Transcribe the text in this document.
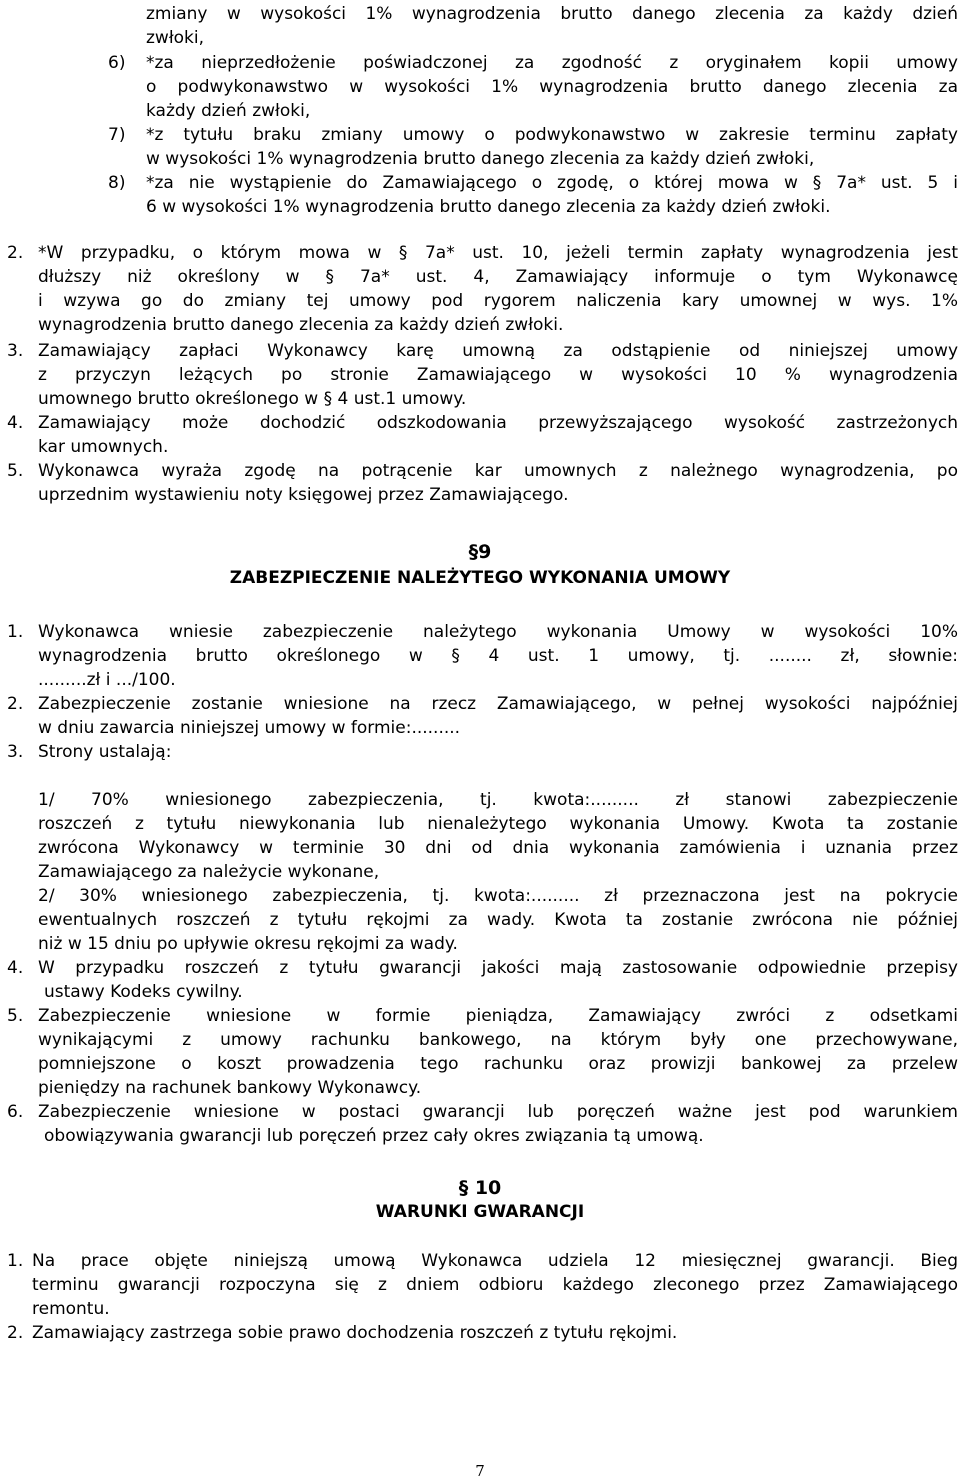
zmiany w wysokości 1% wynagrodzenia brutto danego zlecenia za każdy dzień
zwłoki,
6) *za nieprzedłożenie poświadczonej za zgodność z oryginałem kopii umowy
o podwykonawstwo w wysokości 1% wynagrodzenia brutto danego zlecenia za
każdy dzień zwłoki,
7) *z tytułu braku zmiany umowy o podwykonawstwo w zakresie terminu zapłaty
w wysokości 1% wynagrodzenia brutto danego zlecenia za każdy dzień zwłoki,
8) *za nie wystąpienie do Zamawiającego o zgodę, o której mowa w § 7a* ust. 5 i
6 w wysokości 1% wynagrodzenia brutto danego zlecenia za każdy dzień zwłoki.
2. *W przypadku, o którym mowa w § 7a* ust. 10, jeżeli termin zapłaty wynagrodzenia jest
dłuższy niż określony w § 7a* ust. 4, Zamawiający informuje o tym Wykonawcę
i wzywa go do zmiany tej umowy pod rygorem naliczenia kary umownej w wys. 1%
wynagrodzenia brutto danego zlecenia za każdy dzień zwłoki.
3. Zamawiający zapłaci Wykonawcy karę umowną za odstąpienie od niniejszej umowy
z przyczyn leżących po stronie Zamawiającego w wysokości 10 % wynagrodzenia
umownego brutto określonego w § 4 ust.1 umowy.
4. Zamawiający może dochodzić odszkodowania przewyższającego wysokość zastrzeżonych
kar umownych.
5. Wykonawca wyraża zgodę na potrącenie kar umownych z należnego wynagrodzenia, po
uprzednim wystawieniu noty księgowej przez Zamawiającego.
§9
ZABEZPIECZENIE NALEŻYTEGO WYKONANIA UMOWY
1. Wykonawca wniesie zabezpieczenie należytego wykonania Umowy w wysokości 10%
wynagrodzenia brutto określonego w § 4 ust. 1 umowy, tj. ........ zł, słownie:
.........zł i .../100.
2. Zabezpieczenie zostanie wniesione na rzecz Zamawiającego, w pełnej wysokości najpóźniej
w dniu zawarcia niniejszej umowy w formie:.........
3. Strony ustalają:
1/ 70% wniesionego zabezpieczenia, tj. kwota:......... zł stanowi zabezpieczenie
roszczeń z tytułu niewykonania lub nienależytego wykonania Umowy. Kwota ta zostanie
zwrócona Wykonawcy w terminie 30 dni od dnia wykonania zamówienia i uznania przez
Zamawiającego za należycie wykonane,
2/ 30% wniesionego zabezpieczenia, tj. kwota:......... zł przeznaczona jest na pokrycie
ewentualnych roszczeń z tytułu rękojmi za wady. Kwota ta zostanie zwrócona nie później
niż w 15 dniu po upływie okresu rękojmi za wady.
4. W przypadku roszczeń z tytułu gwarancji jakości mają zastosowanie odpowiednie przepisy
ustawy Kodeks cywilny.
5. Zabezpieczenie wniesione w formie pieniądza, Zamawiający zwróci z odsetkami
wynikającymi z umowy rachunku bankowego, na którym były one przechowywane,
pomniejszone o koszt prowadzenia tego rachunku oraz prowizji bankowej za przelew
pieniędzy na rachunek bankowy Wykonawcy.
6. Zabezpieczenie wniesione w postaci gwarancji lub poręczeń ważne jest pod warunkiem
obowiązywania gwarancji lub poręczeń przez cały okres związania tą umową.
§ 10
WARUNKI GWARANCJI
1. Na prace objęte niniejszą umową Wykonawca udziela 12 miesięcznej gwarancji. Bieg
terminu gwarancji rozpoczyna się z dniem odbioru każdego zleconego przez Zamawiającego
remontu.
2. Zamawiający zastrzega sobie prawo dochodzenia roszczeń z tytułu rękojmi.
7
